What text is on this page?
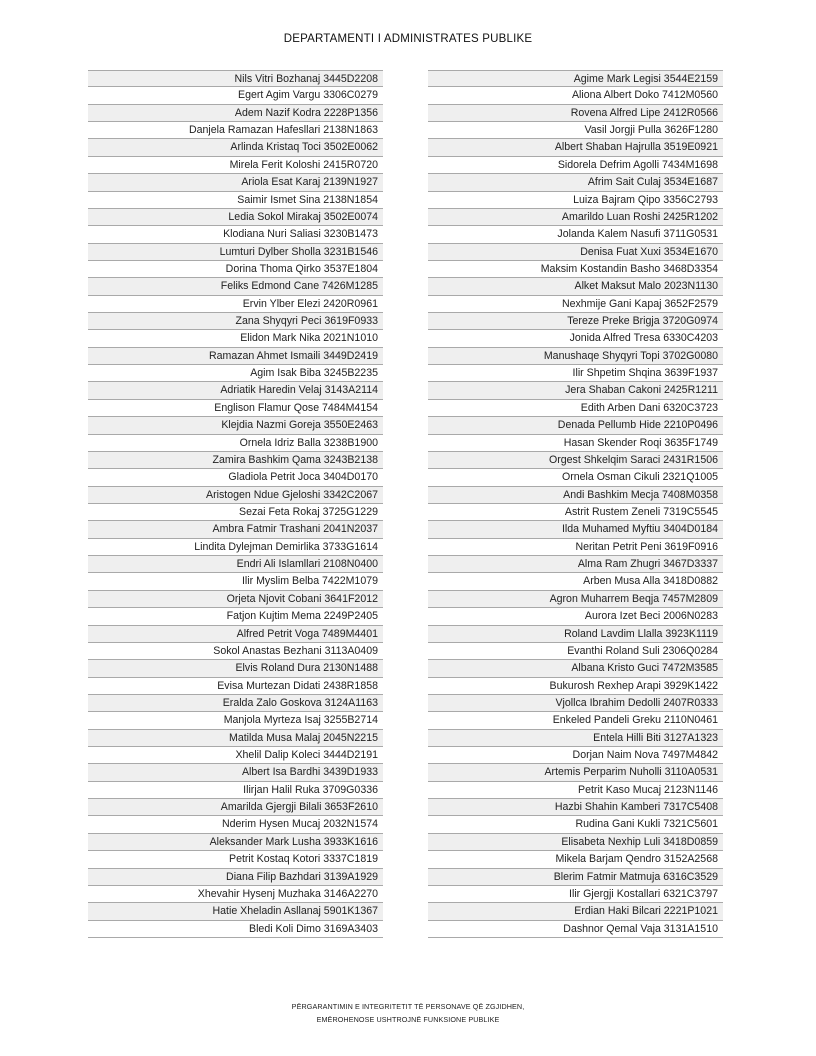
DEPARTAMENTI I ADMINISTRATES PUBLIKE
Nils Vitri Bozhanaj 3445D2208
Egert Agim Vargu 3306C0279
Adem Nazif Kodra 2228P1356
Danjela Ramazan Hafesllari 2138N1863
Arlinda Kristaq Toci 3502E0062
Mirela Ferit Koloshi 2415R0720
Ariola Esat Karaj 2139N1927
Saimir Ismet Sina 2138N1854
Ledia Sokol Mirakaj 3502E0074
Klodiana Nuri Saliasi 3230B1473
Lumturi Dylber Sholla 3231B1546
Dorina Thoma Qirko 3537E1804
Feliks Edmond Cane 7426M1285
Ervin Ylber Elezi 2420R0961
Zana Shyqyri Peci 3619F0933
Elidon Mark Nika 2021N1010
Ramazan Ahmet Ismaili 3449D2419
Agim Isak Biba 3245B2235
Adriatik Haredin Velaj 3143A2114
Englison Flamur Qose 7484M4154
Klejdia Nazmi Goreja 3550E2463
Ornela Idriz Balla 3238B1900
Zamira Bashkim Qama 3243B2138
Gladiola Petrit Joca 3404D0170
Aristogen Ndue Gjeloshi 3342C2067
Sezai Feta Rokaj 3725G1229
Ambra Fatmir Trashani 2041N2037
Lindita Dylejman Demirlika 3733G1614
Endri Ali Islamllari 2108N0400
Ilir Myslim Belba 7422M1079
Orjeta Njovit Cobani 3641F2012
Fatjon Kujtim Mema 2249P2405
Alfred Petrit Voga 7489M4401
Sokol Anastas Bezhani 3113A0409
Elvis Roland Dura 2130N1488
Evisa Murtezan Didati 2438R1858
Eralda Zalo Goskova 3124A1163
Manjola Myrteza Isaj 3255B2714
Matilda Musa Malaj 2045N2215
Xhelil Dalip Koleci 3444D2191
Albert Isa Bardhi 3439D1933
Ilirjan Halil Ruka 3709G0336
Amarilda Gjergji Bilali 3653F2610
Nderim Hysen Mucaj 2032N1574
Aleksander Mark Lusha 3933K1616
Petrit Kostaq Kotori 3337C1819
Diana Filip Bazhdari 3139A1929
Xhevahir Hysenj Muzhaka 3146A2270
Hatie Xheladin Asllanaj 5901K1367
Bledi Koli Dimo 3169A3403
Agime Mark Legisi 3544E2159
Aliona Albert Doko 7412M0560
Rovena Alfred Lipe 2412R0566
Vasil Jorgji Pulla 3626F1280
Albert Shaban Hajrulla 3519E0921
Sidorela Defrim Agolli 7434M1698
Afrim Sait Culaj 3534E1687
Luiza Bajram Qipo 3356C2793
Amarildo Luan Roshi 2425R1202
Jolanda Kalem Nasufi 3711G0531
Denisa Fuat Xuxi 3534E1670
Maksim Kostandin Basho 3468D3354
Alket Maksut Malo 2023N1130
Nexhmije Gani Kapaj 3652F2579
Tereze Preke Brigja 3720G0974
Jonida Alfred Tresa 6330C4203
Manushaqe Shyqyri Topi 3702G0080
Ilir Shpetim Shqina 3639F1937
Jera Shaban Cakoni 2425R1211
Edith Arben Dani 6320C3723
Denada Pellumb Hide 2210P0496
Hasan Skender Roqi 3635F1749
Orgest Shkelqim Saraci 2431R1506
Ornela Osman Cikuli 2321Q1005
Andi Bashkim Mecja 7408M0358
Astrit Rustem Zeneli 7319C5545
Ilda Muhamed Myftiu 3404D0184
Neritan Petrit Peni 3619F0916
Alma Ram Zhugri 3467D3337
Arben Musa Alla 3418D0882
Agron Muharrem Beqja 7457M2809
Aurora Izet Beci 2006N0283
Roland Lavdim Llalla 3923K1119
Evanthi Roland Suli 2306Q0284
Albana Kristo Guci 7472M3585
Bukurosh Rexhep Arapi 3929K1422
Vjollca Ibrahim Dedolli 2407R0333
Enkeled Pandeli Greku 2110N0461
Entela Hilli Biti 3127A1323
Dorjan Naim Nova 7497M4842
Artemis Perparim Nuholli 3110A0531
Petrit Kaso Mucaj 2123N1146
Hazbi Shahin Kamberi 7317C5408
Rudina Gani Kukli 7321C5601
Elisabeta Nexhip Luli 3418D0859
Mikela Barjam Qendro 3152A2568
Blerim Fatmir Matmuja 6316C3529
Ilir Gjergji Kostallari 6321C3797
Erdian Haki Bilcari 2221P1021
Dashnor Qemal Vaja 3131A1510
PËRGARANTIMIN E INTEGRITETIT TË PERSONAVE QË ZGJIDHEN,
EMËROHENOSE USHTROJNË FUNKSIONE PUBLIKE
